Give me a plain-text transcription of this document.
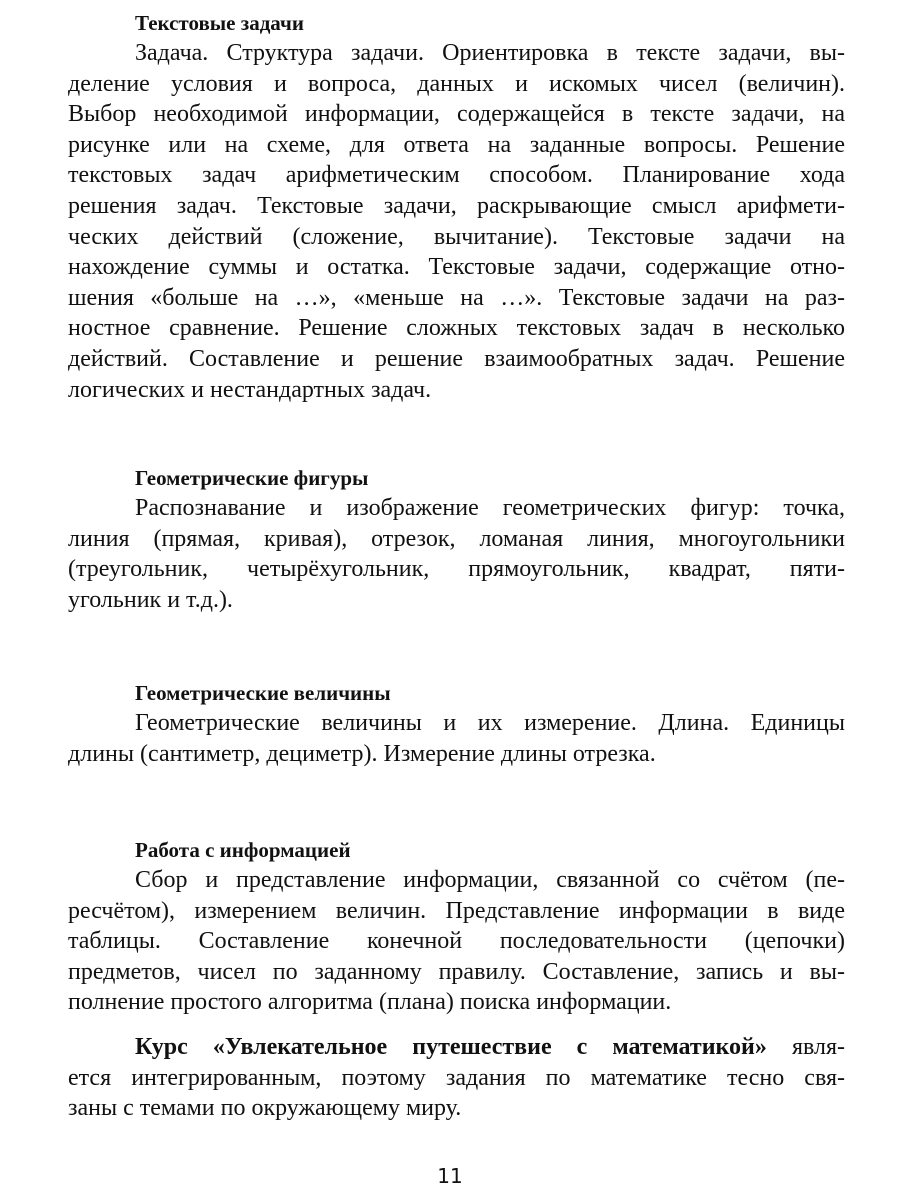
Текстовые задачи
Задача. Структура задачи. Ориентировка в тексте задачи, вы-
деление условия и вопроса, данных и искомых чисел (величин).
Выбор необходимой информации, содержащейся в тексте задачи, на
рисунке или на схеме, для ответа на заданные вопросы. Решение
текстовых задач арифметическим способом. Планирование хода
решения задач. Текстовые задачи, раскрывающие смысл арифмети-
ческих действий (сложение, вычитание). Текстовые задачи на
нахождение суммы и остатка. Текстовые задачи, содержащие отно-
шения «больше на …», «меньше на …». Текстовые задачи на раз-
ностное сравнение. Решение сложных текстовых задач в несколько
действий. Составление и решение взаимообратных задач. Решение
логических и нестандартных задач.
Геометрические фигуры
Распознавание и изображение геометрических фигур: точка,
линия (прямая, кривая), отрезок, ломаная линия, многоугольники
(треугольник, четырёхугольник, прямоугольник, квадрат, пяти-
угольник и т.д.).
Геометрические величины
Геометрические величины и их измерение. Длина. Единицы
длины (сантиметр, дециметр). Измерение длины отрезка.
Работа с информацией
Сбор и представление информации, связанной со счётом (пе-
ресчётом), измерением величин. Представление информации в виде
таблицы. Составление конечной последовательности (цепочки)
предметов, чисел по заданному правилу. Составление, запись и вы-
полнение простого алгоритма (плана) поиска информации.
Курс «Увлекательное путешествие с математикой» явля-
ется интегрированным, поэтому задания по математике тесно свя-
заны с темами по окружающему миру.
11
